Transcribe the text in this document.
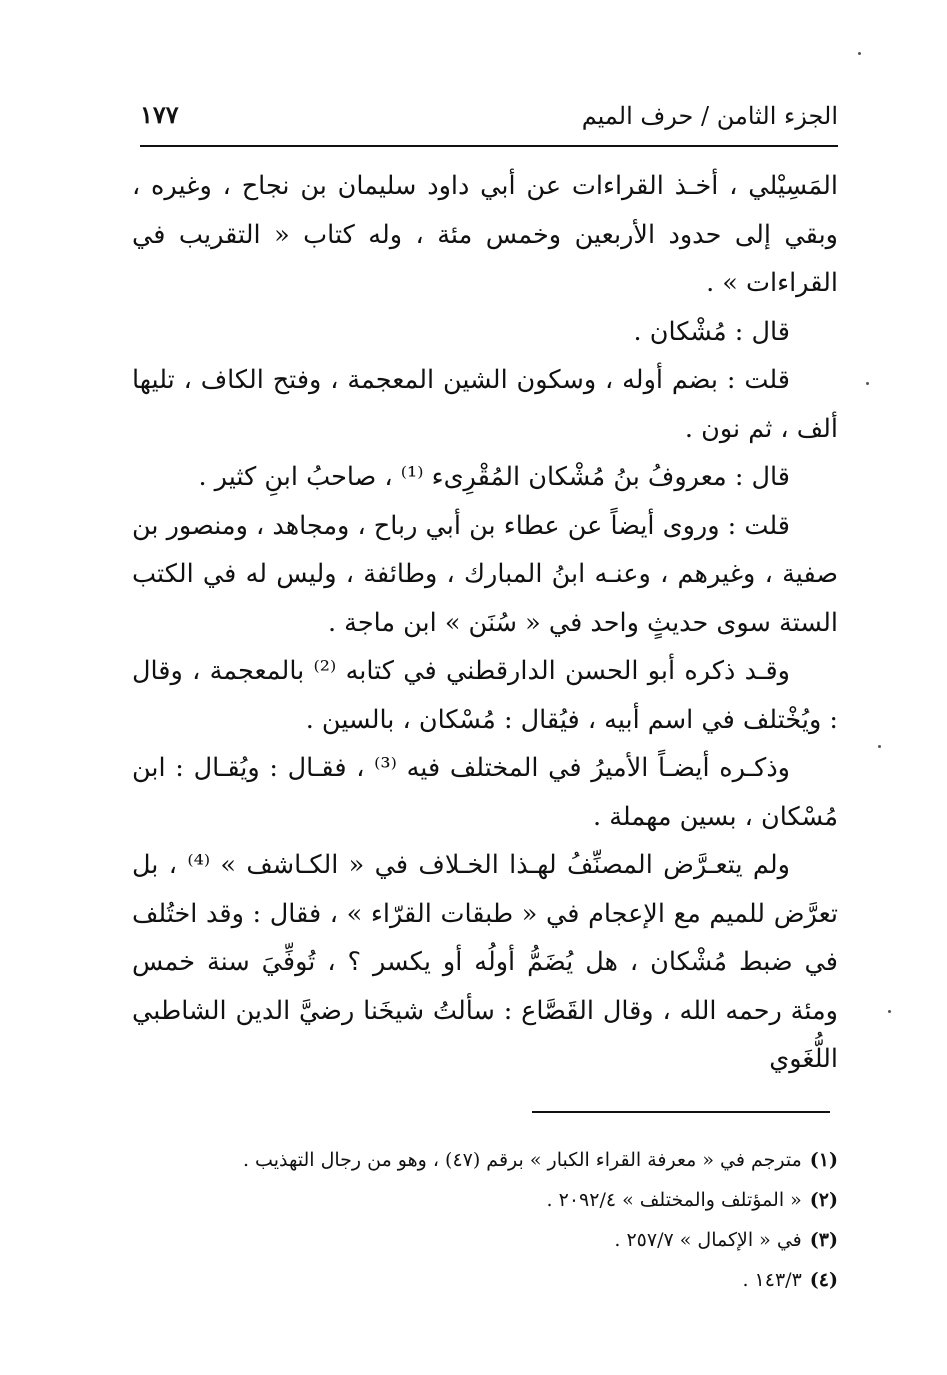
الجزء الثامن / حرف الميم
١٧٧

المَسِيْلي ، أخـذ القراءات عن أبي داود سليمان بن نجاح ، وغيره ، وبقي إلى حدود الأربعين وخمس مئة ، وله كتاب « التقريب في القراءات » .

قال : مُشْكان .

قلت : بضم أوله ، وسكون الشين المعجمة ، وفتح الكاف ، تليها ألف ، ثم نون .

قال : معروفُ بنُ مُشْكان المُقْرِىء ⁽¹⁾ ، صاحبُ ابنِ كثير .

قلت : وروى أيضاً عن عطاء بن أبي رباح ، ومجاهد ، ومنصور بن صفية ، وغيرهم ، وعنـه ابنُ المبارك ، وطائفة ، وليس له في الكتب الستة سوى حديثٍ واحد في « سُنَن » ابن ماجة .

وقـد ذكره أبو الحسن الدارقطني في كتابه ⁽²⁾ بالمعجمة ، وقال : ويُخْتلف في اسم أبيه ، فيُقال : مُسْكان ، بالسين .

وذكـره أيضـاً الأميرُ في المختلف فيه ⁽³⁾ ، فقـال : ويُقـال : ابن مُسْكان ، بسين مهملة .

ولم يتعـرَّض المصنِّفُ لهـذا الخـلاف في « الكـاشف » ⁽⁴⁾ ، بل تعرَّض للميم مع الإعجام في « طبقات القرّاء » ، فقال : وقد اختُلف في ضبط مُشْكان ، هل يُضَمُّ أولُه أو يكسر ؟ ، تُوفِّيَ سنة خمس ومئة رحمه الله ، وقال القَصَّاع : سألتُ شيخَنا رضيَّ الدين الشاطبي اللُّغَوي

(١)مترجم في « معرفة القراء الكبار » برقم (٤٧) ، وهو من رجال التهذيب .
(٢)« المؤتلف والمختلف » ٢٠٩٢/٤ .
(٣)في « الإكمال » ٢٥٧/٧ .
(٤)١٤٣/٣ .
